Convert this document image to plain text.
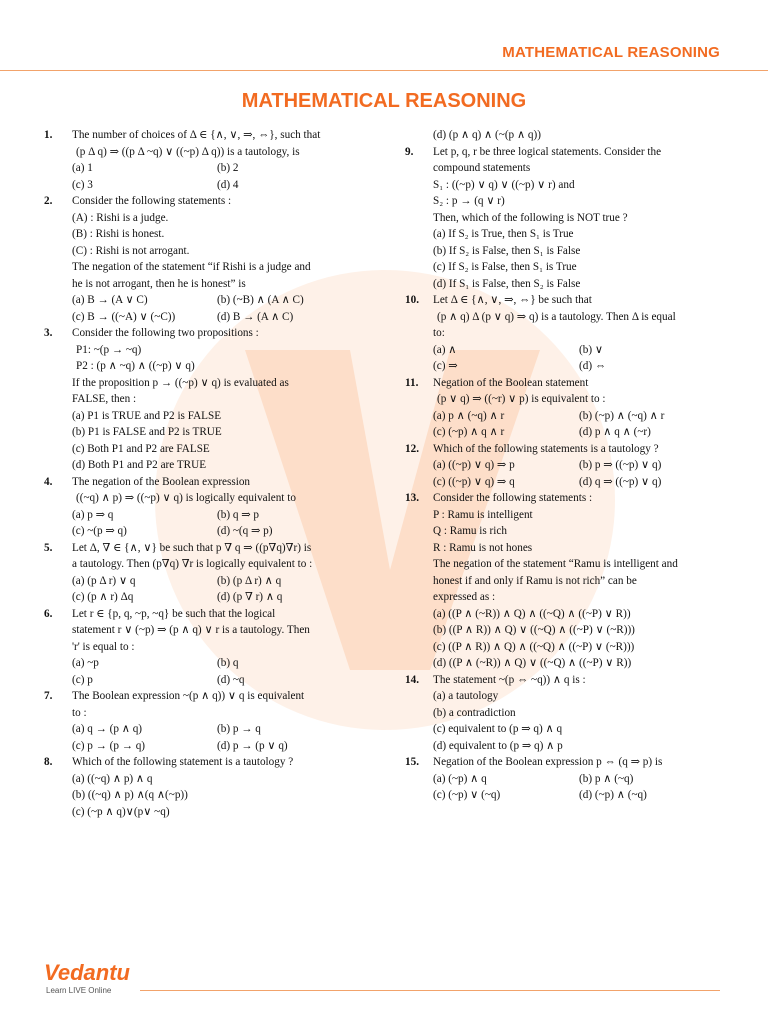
MATHEMATICAL REASONING
MATHEMATICAL REASONING
1. The number of choices of Δ ∈ {∧, ∨, ⇒, ⇔}, such that
(p Δ q) ⇒ ((p Δ ~q) ∨ ((~p) Δ q)) is a tautology, is
(a) 1	(b) 2
(c) 3	(d) 4
2. Consider the following statements :
(A) : Rishi is a judge.
(B) : Rishi is honest.
(C) : Rishi is not arrogant.
The negation of the statement “if Rishi is a judge and
he is not arrogant, then he is honest” is
(a) B → (A ∨ C)	(b) (~B) ∧ (A ∧ C)
(c) B → ((~A) ∨ (~C))	(d) B → (A ∧ C)
3. Consider the following two propositions :
P1: ~(p → ~q)
P2 : (p ∧ ~q) ∧ ((~p) ∨ q)
If the proposition p → ((~p) ∨ q) is evaluated as
FALSE, then :
(a) P1 is TRUE and P2 is FALSE
(b) P1 is FALSE and P2 is TRUE
(c) Both P1 and P2 are FALSE
(d) Both P1 and P2 are TRUE
4. The negation of the Boolean expression
((~q) ∧ p) ⇒ ((~p) ∨ q) is logically equivalent to
(a) p ⇒ q	(b) q ⇒ p
(c) ~(p ⇒ q)	(d) ~(q ⇒ p)
5. Let Δ, ∇ ∈ {∧, ∨} be such that p ∇ q ⇒ ((p∇q)∇r) is
a tautology. Then (p∇q) ∇r is logically equivalent to :
(a) (p Δ r) ∨ q	(b) (p Δ r) ∧ q
(c) (p ∧ r) Δq	(d) (p ∇ r) ∧ q
6. Let r ∈ {p, q, ~p, ~q} be such that the logical
statement r ∨ (~p) ⇒ (p ∧ q) ∨ r is a tautology. Then
'r' is equal to :
(a) ~p	(b) q
(c) p	(d) ~q
7. The Boolean expression ~(p ∧ q)) ∨ q is equivalent
to :
(a) q → (p ∧ q)	(b) p → q
(c) p → (p → q)	(d) p → (p ∨ q)
8. Which of the following statement is a tautology ?
(a) ((~q) ∧ p) ∧ q
(b) ((~q) ∧ p) ∧(q ∧(~p))
(c) (~p ∧ q)∨(p∨ ~q)
(d) (p ∧ q) ∧ (~(p ∧ q))
9. Let p, q, r be three logical statements. Consider the
compound statements
S₁ : ((~p) ∨ q) ∨ ((~p) ∨ r) and
S₂ : p → (q ∨ r)
Then, which of the following is NOT true ?
(a) If S₂ is True, then S₁ is True
(b) If S₂ is False, then S₁ is False
(c) If S₂ is False, then S₁ is True
(d) If S₁ is False, then S₂ is False
10. Let Δ ∈ {∧, ∨, ⇒, ⇔} be such that
(p ∧ q) Δ (p ∨ q) ⇒ q) is a tautology. Then Δ is equal
to:
(a) ∧	(b) ∨
(c) ⇒	(d) ⇔
11. Negation of the Boolean statement
(p ∨ q) ⇒ ((~r) ∨ p) is equivalent to :
(a) p ∧ (~q) ∧ r	(b) (~p) ∧ (~q) ∧ r
(c) (~p) ∧ q ∧ r	(d) p ∧ q ∧ (~r)
12. Which of the following statements is a tautology ?
(a) ((~p) ∨ q) ⇒ p	(b) p ⇒ ((~p) ∨ q)
(c) ((~p) ∨ q) ⇒ q	(d) q ⇒ ((~p) ∨ q)
13. Consider the following statements :
P : Ramu is intelligent
Q : Ramu is rich
R : Ramu is not hones
The negation of the statement “Ramu is intelligent and
honest if and only if Ramu is not rich” can be
expressed as :
(a) ((P ∧ (~R)) ∧ Q) ∧ ((~Q) ∧ ((~P) ∨ R))
(b) ((P ∧ R)) ∧ Q) ∨ ((~Q) ∧ ((~P) ∨ (~R)))
(c) ((P ∧ R)) ∧ Q) ∧ ((~Q) ∧ ((~P) ∨ (~R)))
(d) ((P ∧ (~R)) ∧ Q) ∨ ((~Q) ∧ ((~P) ∨ R))
14. The statement ~(p ⇔ ~q)) ∧ q is :
(a) a tautology
(b) a contradiction
(c) equivalent to (p ⇒ q) ∧ q
(d) equivalent to (p ⇒ q) ∧ p
15. Negation of the Boolean expression p ⇔ (q ⇒ p) is
(a) (~p) ∧ q	(b) p ∧ (~q)
(c) (~p) ∨ (~q)	(d) (~p) ∧ (~q)
Vedantu
Learn LIVE Online
